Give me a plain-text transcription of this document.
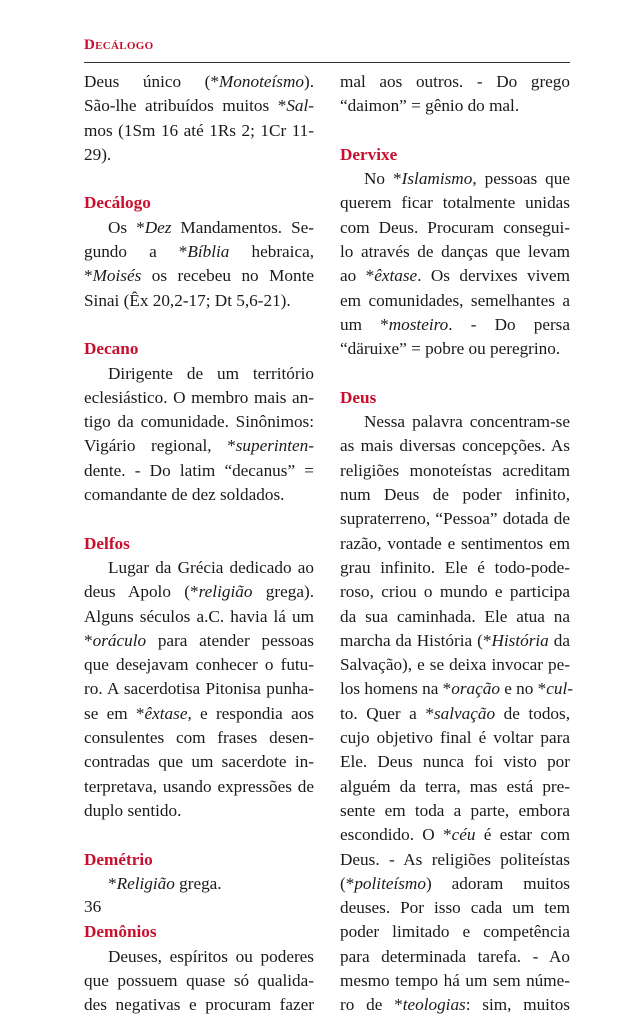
Decálogo
Deus único (*Monoteísmo).
São-lhe atribuídos muitos *Sal-
mos (1Sm 16 até 1Rs 2; 1Cr 11-
29).
Decálogo
Os *Dez Mandamentos. Se-
gundo a *Bíblia hebraica,
*Moisés os recebeu no Monte
Sinai (Êx 20,2-17; Dt 5,6-21).
Decano
Dirigente de um território
eclesiástico. O membro mais an-
tigo da comunidade. Sinônimos:
Vigário regional, *superinten-
dente. - Do latim “decanus” =
comandante de dez soldados.
Delfos
Lugar da Grécia dedicado ao
deus Apolo (*religião grega).
Alguns séculos a.C. havia lá um
*oráculo para atender pessoas
que desejavam conhecer o futu-
ro. A sacerdotisa Pitonisa punha-
se em *êxtase, e respondia aos
consulentes com frases desen-
contradas que um sacerdote in-
terpretava, usando expressões de
duplo sentido.
Demétrio
*Religião grega.
Demônios
Deuses, espíritos ou poderes
que possuem quase só qualida-
des negativas e procuram fazer
mal aos outros. - Do grego
“daimon” = gênio do mal.
Dervixe
No *Islamismo, pessoas que
querem ficar totalmente unidas
com Deus. Procuram consegui-
lo através de danças que levam
ao *êxtase. Os dervixes vivem
em comunidades, semelhantes a
um *mosteiro. - Do persa
“däruixe” = pobre ou peregrino.
Deus
Nessa palavra concentram-se
as mais diversas concepções. As
religiões monoteístas acreditam
num Deus de poder infinito,
supraterreno, “Pessoa” dotada de
razão, vontade e sentimentos em
grau infinito. Ele é todo-pode-
roso, criou o mundo e participa
da sua caminhada. Ele atua na
marcha da História (*História da
Salvação), e se deixa invocar pe-
los homens na *oração e no *cul-
to. Quer a *salvação de todos,
cujo objetivo final é voltar para
Ele. Deus nunca foi visto por
alguém da terra, mas está pre-
sente em toda a parte, embora
escondido. O *céu é estar com
Deus. - As religiões politeístas
(*politeísmo) adoram muitos
deuses. Por isso cada um tem
poder limitado e competência
para determinada tarefa. - Ao
mesmo tempo há um sem núme-
ro de *teologias: sim, muitos
36
